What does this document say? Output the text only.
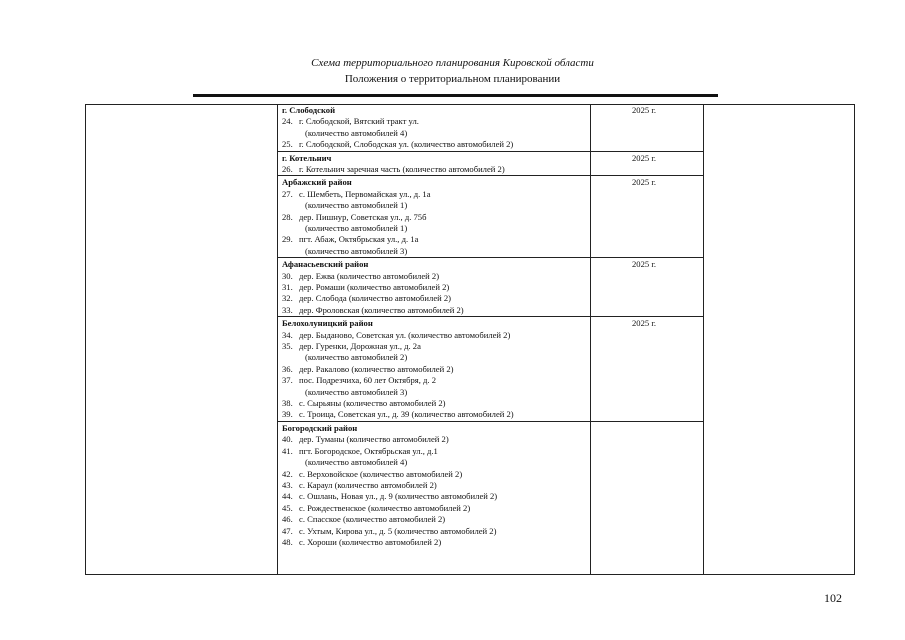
Схема территориального планирования Кировской области
Положения о территориальном планировании
г. Слободской	2025 г.
24. г. Слободской, Вятский тракт ул.
(количество автомобилей 4)
25. г. Слободской, Слободская ул. (количество автомобилей 2)
г. Котельнич	2025 г.
26. г. Котельнич заречная часть (количество автомобилей 2)
Арбажский район	2025 г.
27. с. Шембеть, Первомайская ул., д. 1а
(количество автомобилей 1)
28. дер. Пишнур, Советская ул., д. 75б
(количество автомобилей 1)
29. пгт. Абаж, Октябрьская ул., д. 1а
(количество автомобилей 3)
Афанасьевский район	2025 г.
30. дер. Ежва (количество автомобилей 2)
31. дер. Ромаши (количество автомобилей 2)
32. дер. Слобода (количество автомобилей 2)
33. дер. Фроловская (количество автомобилей 2)
Белохолуницкий район	2025 г.
34. дер. Быданово, Советская ул. (количество автомобилей 2)
35. дер. Гуренки, Дорожная ул., д. 2а
(количество автомобилей 2)
36. дер. Ракалово (количество автомобилей 2)
37. пос. Подрезчиха, 60 лет Октября, д. 2
(количество автомобилей 3)
38. с. Сырьяны (количество автомобилей 2)
39. с. Троица, Советская ул., д. 39 (количество автомобилей 2)
Богородский район
40. дер. Туманы (количество автомобилей 2)
41. пгт. Богородское, Октябрьская ул., д.1
(количество автомобилей 4)
42. с. Верховойское (количество автомобилей 2)
43. с. Караул (количество автомобилей 2)
44. с. Ошлань, Новая ул., д. 9 (количество автомобилей 2)
45. с. Рождественское (количество автомобилей 2)
46. с. Спасское (количество автомобилей 2)
47. с. Ухтым, Кирова ул., д. 5 (количество автомобилей 2)
48. с. Хороши (количество автомобилей 2)
102
